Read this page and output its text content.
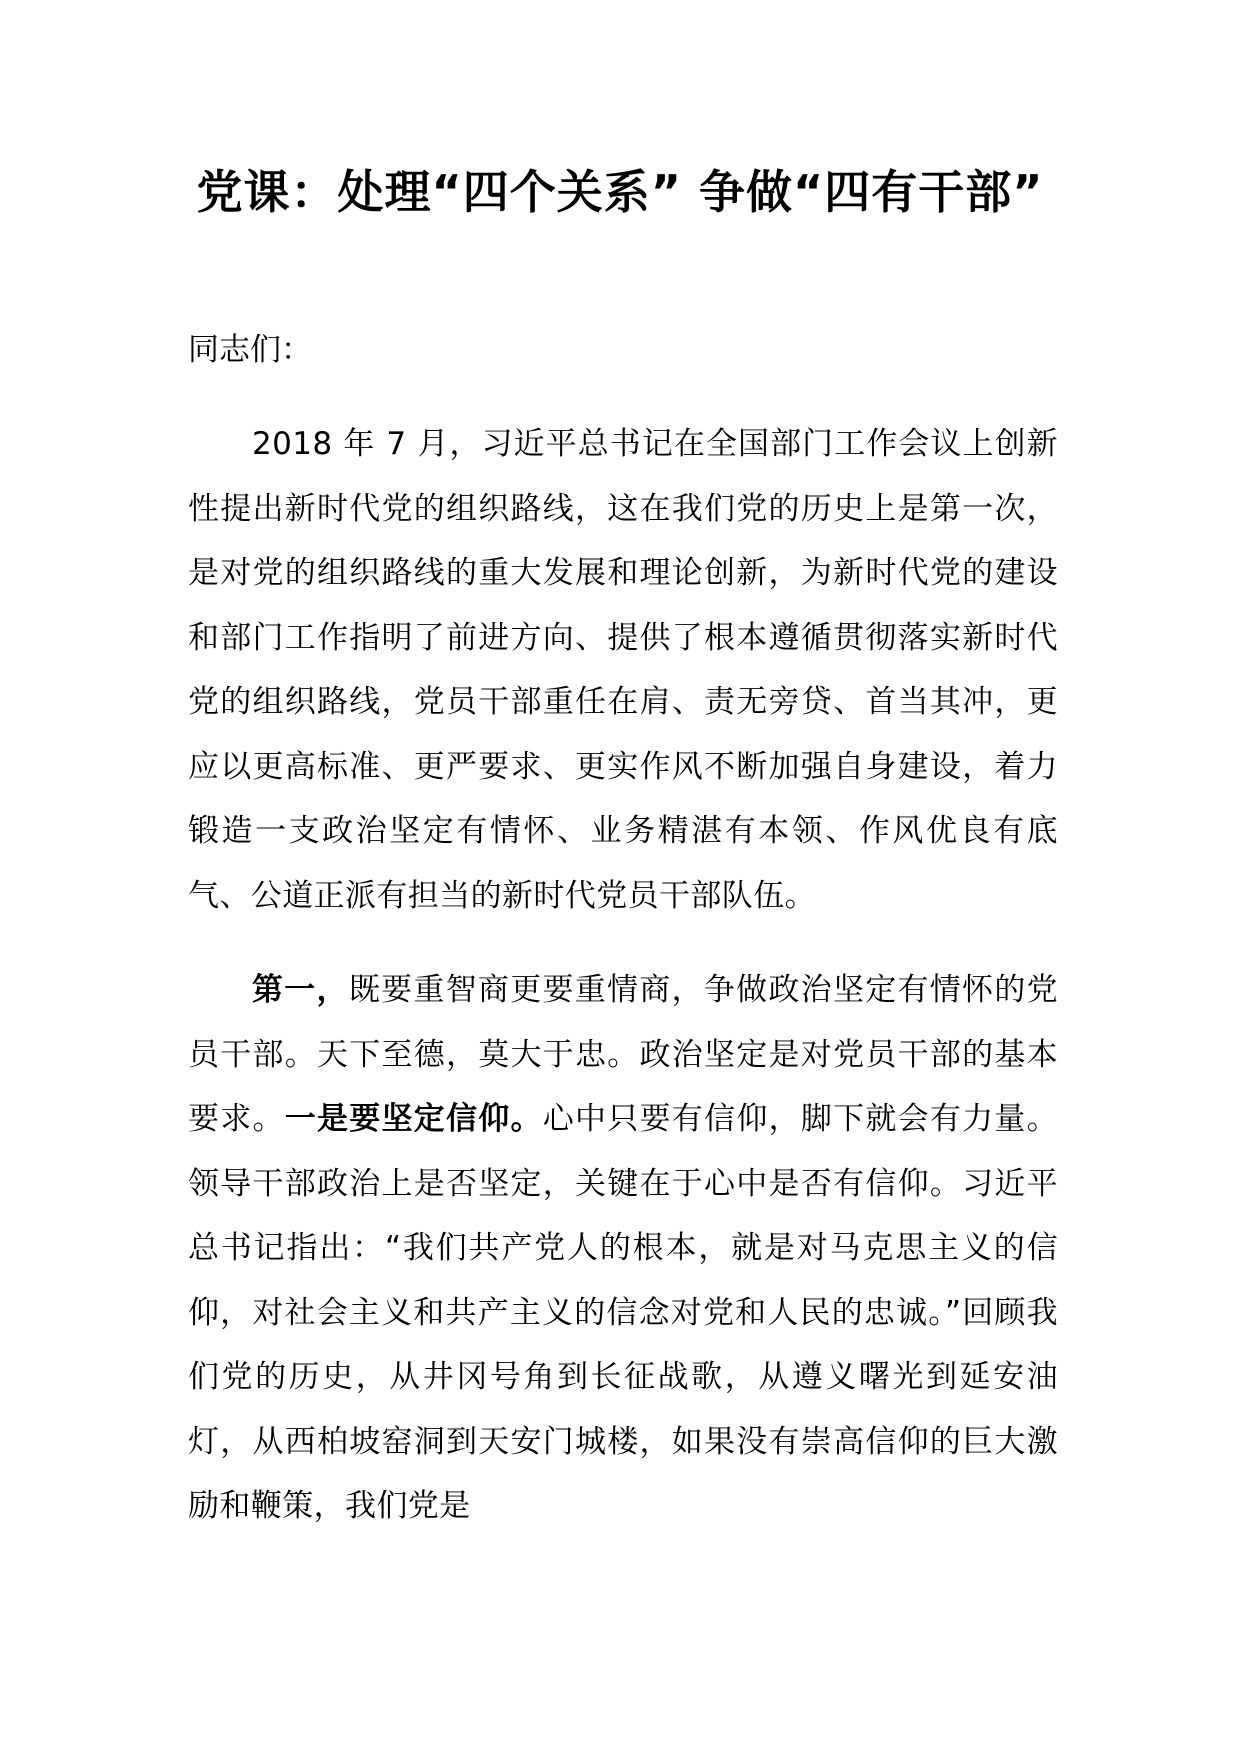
党课：处理“四个关系” 争做“四有干部”

同志们：

2018 年 7 月，习近平总书记在全国部门工作会议上创新性提出新时代党的组织路线，这在我们党的历史上是第一次，是对党的组织路线的重大发展和理论创新，为新时代党的建设和部门工作指明了前进方向、提供了根本遵循贯彻落实新时代党的组织路线，党员干部重任在肩、责无旁贷、首当其冲，更应以更高标准、更严要求、更实作风不断加强自身建设，着力锻造一支政治坚定有情怀、业务精湛有本领、作风优良有底气、公道正派有担当的新时代党员干部队伍。

第一，既要重智商更要重情商，争做政治坚定有情怀的党员干部。天下至德，莫大于忠。政治坚定是对党员干部的基本要求。一是要坚定信仰。心中只要有信仰，脚下就会有力量。领导干部政治上是否坚定，关键在于心中是否有信仰。习近平总书记指出：“我们共产党人的根本，就是对马克思主义的信仰，对社会主义和共产主义的信念对党和人民的忠诚。”回顾我们党的历史，从井冈号角到长征战歌，从遵义曙光到延安油灯，从西柏坡窑洞到天安门城楼，如果没有崇高信仰的巨大激励和鞭策，我们党是
